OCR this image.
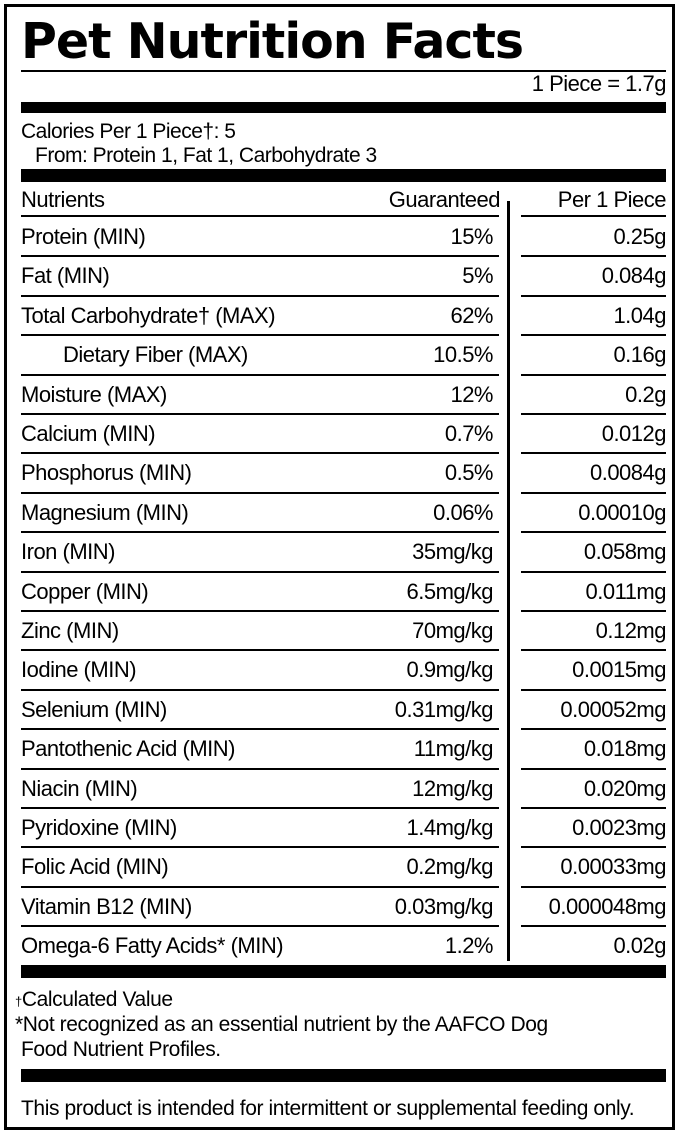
Pet Nutrition Facts
1 Piece = 1.7g
Calories Per 1 Piece†: 5
From: Protein 1, Fat 1, Carbohydrate 3
Nutrients	Guaranteed	Per 1 Piece
Protein (MIN)	15%	0.25g
Fat (MIN)	5%	0.084g
Total Carbohydrate† (MAX)	62%	1.04g
Dietary Fiber (MAX)	10.5%	0.16g
Moisture (MAX)	12%	0.2g
Calcium (MIN)	0.7%	0.012g
Phosphorus (MIN)	0.5%	0.0084g
Magnesium (MIN)	0.06%	0.00010g
Iron (MIN)	35mg/kg	0.058mg
Copper (MIN)	6.5mg/kg	0.011mg
Zinc (MIN)	70mg/kg	0.12mg
Iodine (MIN)	0.9mg/kg	0.0015mg
Selenium (MIN)	0.31mg/kg	0.00052mg
Pantothenic Acid (MIN)	11mg/kg	0.018mg
Niacin (MIN)	12mg/kg	0.020mg
Pyridoxine (MIN)	1.4mg/kg	0.0023mg
Folic Acid (MIN)	0.2mg/kg	0.00033mg
Vitamin B12 (MIN)	0.03mg/kg	0.000048mg
Omega-6 Fatty Acids* (MIN)	1.2%	0.02g

†Calculated Value

*Not recognized as an essential nutrient by the AAFCO Dog

Food Nutrient Profiles.

This product is intended for intermittent or supplemental feeding only.
